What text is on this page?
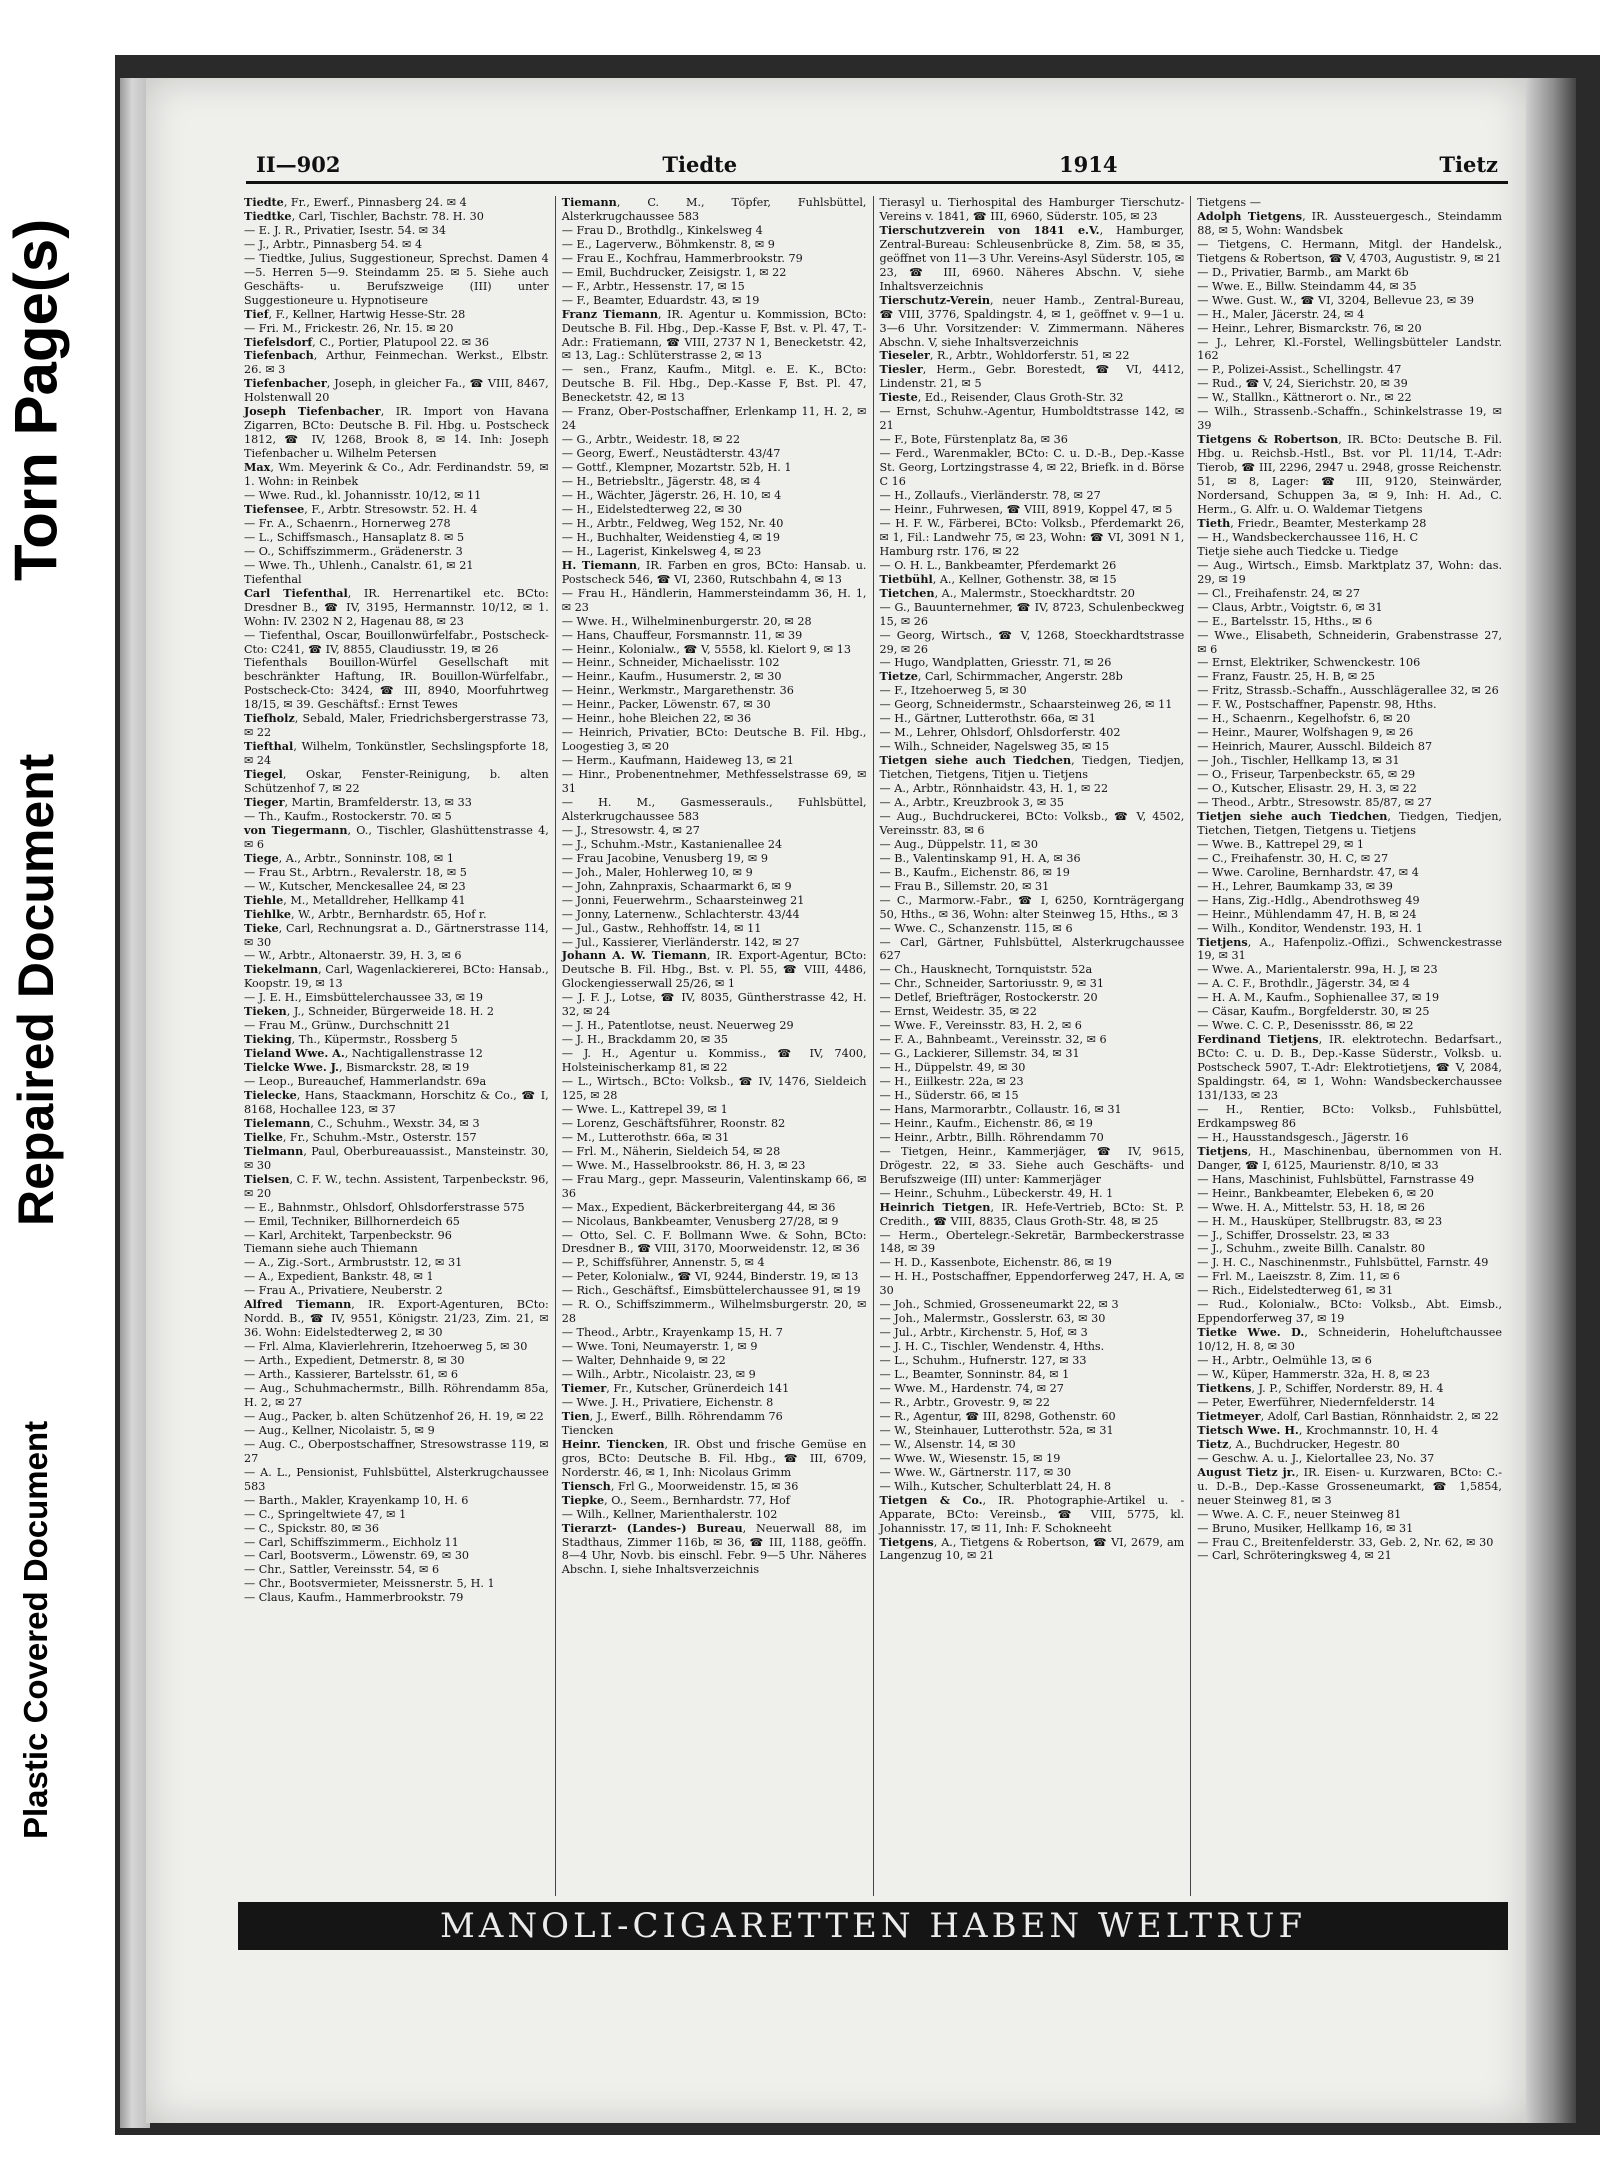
Torn Page(s)
Repaired Document
Plastic Covered Document
II—902	Tiedte	1914	Tietz

Tiedte, Fr., Ewerf., Pinnasberg 24. ✉ 4

Tiedtke, Carl, Tischler, Bachstr. 78. H. 30

— E. J. R., Privatier, Isestr. 54. ✉ 34

— J., Arbtr., Pinnasberg 54. ✉ 4

— Tiedtke, Julius, Suggestioneur, Sprechst. Damen 4—5. Herren 5—9. Steindamm 25. ✉ 5. Siehe auch Geschäfts- u. Berufszweige (III) unter Suggestioneure u. Hypnotiseure

Tief, F., Kellner, Hartwig Hesse-Str. 28

— Fri. M., Frickestr. 26, Nr. 15. ✉ 20

Tiefelsdorf, C., Portier, Platupool 22. ✉ 36

Tiefenbach, Arthur, Feinmechan. Werkst., Elbstr. 26. ✉ 3

Tiefenbacher, Joseph, in gleicher Fa., ☎ VIII, 8467, Holstenwall 20

Joseph Tiefenbacher, IR. Import von Havana Zigarren, BCto: Deutsche B. Fil. Hbg. u. Postscheck 1812, ☎ IV, 1268, Brook 8, ✉ 14. Inh: Joseph Tiefenbacher u. Wilhelm Petersen

Max, Wm. Meyerink & Co., Adr. Ferdinandstr. 59, ✉ 1. Wohn: in Reinbek

— Wwe. Rud., kl. Johannisstr. 10/12, ✉ 11

Tiefensee, F., Arbtr. Stresowstr. 52. H. 4

— Fr. A., Schaenrn., Hornerweg 278

— L., Schiffsmasch., Hansaplatz 8. ✉ 5

— O., Schiffszimmerm., Grädenerstr. 3

— Wwe. Th., Uhlenh., Canalstr. 61, ✉ 21

Tiefenthal

Carl Tiefenthal, IR. Herrenartikel etc. BCto: Dresdner B., ☎ IV, 3195, Hermannstr. 10/12, ✉ 1. Wohn: IV. 2302 N 2, Hagenau 88, ✉ 23

— Tiefenthal, Oscar, Bouillonwürfelfabr., Postscheck-Cto: C241, ☎ IV, 8855, Claudiusstr. 19, ✉ 26

Tiefenthals Bouillon-Würfel Gesellschaft mit beschränkter Haftung, IR. Bouillon-Würfelfabr., Postscheck-Cto: 3424, ☎ III, 8940, Moorfuhrtweg 18/15, ✉ 39. Geschäftsf.: Ernst Tewes

Tiefholz, Sebald, Maler, Friedrichsbergerstrasse 73, ✉ 22

Tiefthal, Wilhelm, Tonkünstler, Sechslingspforte 18, ✉ 24

Tiegel, Oskar, Fenster-Reinigung, b. alten Schützenhof 7, ✉ 22

Tieger, Martin, Bramfelderstr. 13, ✉ 33

— Th., Kaufm., Rostockerstr. 70. ✉ 5

von Tiegermann, O., Tischler, Glashüttenstrasse 4, ✉ 6

Tiege, A., Arbtr., Sonninstr. 108, ✉ 1

— Frau St., Arbtrn., Revalerstr. 18, ✉ 5

— W., Kutscher, Menckesallee 24, ✉ 23

Tiehle, M., Metalldreher, Hellkamp 41

Tiehlke, W., Arbtr., Bernhardstr. 65, Hof r.

Tieke, Carl, Rechnungsrat a. D., Gärtnerstrasse 114, ✉ 30

— W., Arbtr., Altonaerstr. 39, H. 3, ✉ 6

Tiekelmann, Carl, Wagenlackiererei, BCto: Hansab., Koopstr. 19, ✉ 13

— J. E. H., Eimsbüttelerchaussee 33, ✉ 19

Tieken, J., Schneider, Bürgerweide 18. H. 2

— Frau M., Grünw., Durchschnitt 21

Tieking, Th., Küpermstr., Rossberg 5

Tieland Wwe. A., Nachtigallenstrasse 12

Tielcke Wwe. J., Bismarckstr. 28, ✉ 19

— Leop., Bureauchef, Hammerlandstr. 69a

Tielecke, Hans, Staackmann, Horschitz & Co., ☎ I, 8168, Hochallee 123, ✉ 37

Tielemann, C., Schuhm., Wexstr. 34, ✉ 3

Tielke, Fr., Schuhm.-Mstr., Osterstr. 157

Tielmann, Paul, Oberbureauassist., Mansteinstr. 30, ✉ 30

Tielsen, C. F. W., techn. Assistent, Tarpenbeckstr. 96, ✉ 20

— E., Bahnmstr., Ohlsdorf, Ohlsdorferstrasse 575

— Emil, Techniker, Billhornerdeich 65

— Karl, Architekt, Tarpenbeckstr. 96

Tiemann siehe auch Thiemann

— A., Zig.-Sort., Armbruststr. 12, ✉ 31

— A., Expedient, Bankstr. 48, ✉ 1

— Frau A., Privatiere, Neuberstr. 2

Alfred Tiemann, IR. Export-Agenturen, BCto: Nordd. B., ☎ IV, 9551, Königstr. 21/23, Zim. 21, ✉ 36. Wohn: Eidelstedterweg 2, ✉ 30

— Frl. Alma, Klavierlehrerin, Itzehoerweg 5, ✉ 30

— Arth., Expedient, Detmerstr. 8, ✉ 30

— Arth., Kassierer, Bartelsstr. 61, ✉ 6

— Aug., Schuhmachermstr., Billh. Röhrendamm 85a, H. 2, ✉ 27

— Aug., Packer, b. alten Schützenhof 26, H. 19, ✉ 22

— Aug., Kellner, Nicolaistr. 5, ✉ 9

— Aug. C., Oberpostschaffner, Stresowstrasse 119, ✉ 27

— A. L., Pensionist, Fuhlsbüttel, Alsterkrugchaussee 583

— Barth., Makler, Krayenkamp 10, H. 6

— C., Springeltwiete 47, ✉ 1

— C., Spickstr. 80, ✉ 36

— Carl, Schiffszimmerm., Eichholz 11

— Carl, Bootsverm., Löwenstr. 69, ✉ 30

— Chr., Sattler, Vereinsstr. 54, ✉ 6

— Chr., Bootsvermieter, Meissnerstr. 5, H. 1

— Claus, Kaufm., Hammerbrookstr. 79

Tiemann, C. M., Töpfer, Fuhlsbüttel, Alsterkrugchaussee 583

— Frau D., Brothdlg., Kinkelsweg 4

— E., Lagerverw., Böhmkenstr. 8, ✉ 9

— Frau E., Kochfrau, Hammerbrookstr. 79

— Emil, Buchdrucker, Zeisigstr. 1, ✉ 22

— F., Arbtr., Hessenstr. 17, ✉ 15

— F., Beamter, Eduardstr. 43, ✉ 19

Franz Tiemann, IR. Agentur u. Kommission, BCto: Deutsche B. Fil. Hbg., Dep.-Kasse F, Bst. v. Pl. 47, T.-Adr.: Fratiemann, ☎ VIII, 2737 N 1, Benecketstr. 42, ✉ 13, Lag.: Schlüterstrasse 2, ✉ 13

— sen., Franz, Kaufm., Mitgl. e. E. K., BCto: Deutsche B. Fil. Hbg., Dep.-Kasse F, Bst. Pl. 47, Benecketstr. 42, ✉ 13

— Franz, Ober-Postschaffner, Erlenkamp 11, H. 2, ✉ 24

— G., Arbtr., Weidestr. 18, ✉ 22

— Georg, Ewerf., Neustädterstr. 43/47

— Gottf., Klempner, Mozartstr. 52b, H. 1

— H., Betriebsltr., Jägerstr. 48, ✉ 4

— H., Wächter, Jägerstr. 26, H. 10, ✉ 4

— H., Eidelstedterweg 22, ✉ 30

— H., Arbtr., Feldweg, Weg 152, Nr. 40

— H., Buchhalter, Weidenstieg 4, ✉ 19

— H., Lagerist, Kinkelsweg 4, ✉ 23

H. Tiemann, IR. Farben en gros, BCto: Hansab. u. Postscheck 546, ☎ VI, 2360, Rutschbahn 4, ✉ 13

— Frau H., Händlerin, Hammersteindamm 36, H. 1, ✉ 23

— Wwe. H., Wilhelminenburgerstr. 20, ✉ 28

— Hans, Chauffeur, Forsmannstr. 11, ✉ 39

— Heinr., Kolonialw., ☎ V, 5558, kl. Kielort 9, ✉ 13

— Heinr., Schneider, Michaelisstr. 102

— Heinr., Kaufm., Husumerstr. 2, ✉ 30

— Heinr., Werkmstr., Margarethenstr. 36

— Heinr., Packer, Löwenstr. 67, ✉ 30

— Heinr., hohe Bleichen 22, ✉ 36

— Heinrich, Privatier, BCto: Deutsche B. Fil. Hbg., Loogestieg 3, ✉ 20

— Herm., Kaufmann, Haideweg 13, ✉ 21

— Hinr., Probenentnehmer, Methfesselstrasse 69, ✉ 31

— H. M., Gasmesserauls., Fuhlsbüttel, Alsterkrugchaussee 583

— J., Stresowstr. 4, ✉ 27

— J., Schuhm.-Mstr., Kastanienallee 24

— Frau Jacobine, Venusberg 19, ✉ 9

— Joh., Maler, Hohlerweg 10, ✉ 9

— John, Zahnpraxis, Schaarmarkt 6, ✉ 9

— Jonni, Feuerwehrm., Schaarsteinweg 21

— Jonny, Laternenw., Schlachterstr. 43/44

— Jul., Gastw., Rehhoffstr. 14, ✉ 11

— Jul., Kassierer, Vierländerstr. 142, ✉ 27

Johann A. W. Tiemann, IR. Export-Agentur, BCto: Deutsche B. Fil. Hbg., Bst. v. Pl. 55, ☎ VIII, 4486, Glockengiesserwall 25/26, ✉ 1

— J. F. J., Lotse, ☎ IV, 8035, Güntherstrasse 42, H. 32, ✉ 24

— J. H., Patentlotse, neust. Neuerweg 29

— J. H., Brackdamm 20, ✉ 35

— J. H., Agentur u. Kommiss., ☎ IV, 7400, Holsteinischerkamp 81, ✉ 22

— L., Wirtsch., BCto: Volksb., ☎ IV, 1476, Sieldeich 125, ✉ 28

— Wwe. L., Kattrepel 39, ✉ 1

— Lorenz, Geschäftsführer, Roonstr. 82

— M., Lutterothstr. 66a, ✉ 31

— Frl. M., Näherin, Sieldeich 54, ✉ 28

— Wwe. M., Hasselbrookstr. 86, H. 3, ✉ 23

— Frau Marg., gepr. Masseurin, Valentinskamp 66, ✉ 36

— Max., Expedient, Bäckerbreitergang 44, ✉ 36

— Nicolaus, Bankbeamter, Venusberg 27/28, ✉ 9

— Otto, Sel. C. F. Bollmann Wwe. & Sohn, BCto: Dresdner B., ☎ VIII, 3170, Moorweidenstr. 12, ✉ 36

— P., Schiffsführer, Annenstr. 5, ✉ 4

— Peter, Kolonialw., ☎ VI, 9244, Binderstr. 19, ✉ 13

— Rich., Geschäftsf., Eimsbüttelerchaussee 91, ✉ 19

— R. O., Schiffszimmerm., Wilhelmsburgerstr. 20, ✉ 28

— Theod., Arbtr., Krayenkamp 15, H. 7

— Wwe. Toni, Neumayerstr. 1, ✉ 9

— Walter, Dehnhaide 9, ✉ 22

— Wilh., Arbtr., Nicolaistr. 23, ✉ 9

Tiemer, Fr., Kutscher, Grünerdeich 141

— Wwe. J. H., Privatiere, Eichenstr. 8

Tien, J., Ewerf., Billh. Röhrendamm 76

Tiencken

Heinr. Tiencken, IR. Obst und frische Gemüse en gros, BCto: Deutsche B. Fil. Hbg., ☎ III, 6709, Norderstr. 46, ✉ 1, Inh: Nicolaus Grimm

Tiensch, Frl G., Moorweidenstr. 15, ✉ 36

Tiepke, O., Seem., Bernhardstr. 77, Hof

— Wilh., Kellner, Marienthalerstr. 102

Tierarzt- (Landes-) Bureau, Neuerwall 88, im Stadthaus, Zimmer 116b, ✉ 36, ☎ III, 1188, geöffn. 8—4 Uhr, Novb. bis einschl. Febr. 9—5 Uhr. Näheres Abschn. I, siehe Inhaltsverzeichnis

Tierasyl u. Tierhospital des Hamburger Tierschutz-Vereins v. 1841, ☎ III, 6960, Süderstr. 105, ✉ 23

Tierschutzverein von 1841 e.V., Hamburger, Zentral-Bureau: Schleusenbrücke 8, Zim. 58, ✉ 35, geöffnet von 11—3 Uhr. Vereins-Asyl Süderstr. 105, ✉ 23, ☎ III, 6960. Näheres Abschn. V, siehe Inhaltsverzeichnis

Tierschutz-Verein, neuer Hamb., Zentral-Bureau, ☎ VIII, 3776, Spaldingstr. 4, ✉ 1, geöffnet v. 9—1 u. 3—6 Uhr. Vorsitzender: V. Zimmermann. Näheres Abschn. V, siehe Inhaltsverzeichnis

Tieseler, R., Arbtr., Wohldorferstr. 51, ✉ 22

Tiesler, Herm., Gebr. Borestedt, ☎ VI, 4412, Lindenstr. 21, ✉ 5

Tieste, Ed., Reisender, Claus Groth-Str. 32

— Ernst, Schuhw.-Agentur, Humboldtstrasse 142, ✉ 21

— F., Bote, Fürstenplatz 8a, ✉ 36

— Ferd., Warenmakler, BCto: C. u. D.-B., Dep.-Kasse St. Georg, Lortzingstrasse 4, ✉ 22, Briefk. in d. Börse C 16

— H., Zollaufs., Vierländerstr. 78, ✉ 27

— Heinr., Fuhrwesen, ☎ VIII, 8919, Koppel 47, ✉ 5

— H. F. W., Färberei, BCto: Volksb., Pferdemarkt 26, ✉ 1, Fil.: Landwehr 75, ✉ 23, Wohn: ☎ VI, 3091 N 1, Hamburg rstr. 176, ✉ 22

— O. H. L., Bankbeamter, Pferdemarkt 26

Tietbühl, A., Kellner, Gothenstr. 38, ✉ 15

Tietchen, A., Malermstr., Stoeckhardtstr. 20

— G., Bauunternehmer, ☎ IV, 8723, Schulenbeckweg 15, ✉ 26

— Georg, Wirtsch., ☎ V, 1268, Stoeckhardtstrasse 29, ✉ 26

— Hugo, Wandplatten, Griesstr. 71, ✉ 26

Tietze, Carl, Schirmmacher, Angerstr. 28b

— F., Itzehoerweg 5, ✉ 30

— Georg, Schneidermstr., Schaarsteinweg 26, ✉ 11

— H., Gärtner, Lutterothstr. 66a, ✉ 31

— M., Lehrer, Ohlsdorf, Ohlsdorferstr. 402

— Wilh., Schneider, Nagelsweg 35, ✉ 15

Tietgen siehe auch Tiedchen, Tiedgen, Tiedjen, Tietchen, Tietgens, Titjen u. Tietjens

— A., Arbtr., Rönnhaidstr. 43, H. 1, ✉ 22

— A., Arbtr., Kreuzbrook 3, ✉ 35

— Aug., Buchdruckerei, BCto: Volksb., ☎ V, 4502, Vereinsstr. 83, ✉ 6

— Aug., Düppelstr. 11, ✉ 30

— B., Valentinskamp 91, H. A, ✉ 36

— B., Kaufm., Eichenstr. 86, ✉ 19

— Frau B., Sillemstr. 20, ✉ 31

— C., Marmorw.-Fabr., ☎ I, 6250, Kornträgergang 50, Hths., ✉ 36, Wohn: alter Steinweg 15, Hths., ✉ 3

— Wwe. C., Schanzenstr. 115, ✉ 6

— Carl, Gärtner, Fuhlsbüttel, Alsterkrugchaussee 627

— Ch., Hausknecht, Tornquiststr. 52a

— Chr., Schneider, Sartoriusstr. 9, ✉ 31

— Detlef, Briefträger, Rostockerstr. 20

— Ernst, Weidestr. 35, ✉ 22

— Wwe. F., Vereinsstr. 83, H. 2, ✉ 6

— F. A., Bahnbeamt., Vereinsstr. 32, ✉ 6

— G., Lackierer, Sillemstr. 34, ✉ 31

— H., Düppelstr. 49, ✉ 30

— H., Eiilkestr. 22a, ✉ 23

— H., Süderstr. 66, ✉ 15

— Hans, Marmorarbtr., Collaustr. 16, ✉ 31

— Heinr., Kaufm., Eichenstr. 86, ✉ 19

— Heinr., Arbtr., Billh. Röhrendamm 70

— Tietgen, Heinr., Kammerjäger, ☎ IV, 9615, Drögestr. 22, ✉ 33. Siehe auch Geschäfts- und Berufszweige (III) unter: Kammerjäger

— Heinr., Schuhm., Lübeckerstr. 49, H. 1

Heinrich Tietgen, IR. Hefe-Vertrieb, BCto: St. P. Credith., ☎ VIII, 8835, Claus Groth-Str. 48, ✉ 25

— Herm., Obertelegr.-Sekretär, Barmbeckerstrasse 148, ✉ 39

— H. D., Kassenbote, Eichenstr. 86, ✉ 19

— H. H., Postschaffner, Eppendorferweg 247, H. A, ✉ 30

— Joh., Schmied, Grosseneumarkt 22, ✉ 3

— Joh., Malermstr., Gosslerstr. 63, ✉ 30

— Jul., Arbtr., Kirchenstr. 5, Hof, ✉ 3

— J. H. C., Tischler, Wendenstr. 4, Hths.

— L., Schuhm., Hufnerstr. 127, ✉ 33

— L., Beamter, Sonninstr. 84, ✉ 1

— Wwe. M., Hardenstr. 74, ✉ 27

— R., Arbtr., Grovestr. 9, ✉ 22

— R., Agentur, ☎ III, 8298, Gothenstr. 60

— W., Steinhauer, Lutterothstr. 52a, ✉ 31

— W., Alsenstr. 14, ✉ 30

— Wwe. W., Wiesenstr. 15, ✉ 19

— Wwe. W., Gärtnerstr. 117, ✉ 30

— Wilh., Kutscher, Schulterblatt 24, H. 8

Tietgen & Co., IR. Photographie-Artikel u. -Apparate, BCto: Vereinsb., ☎ VIII, 5775, kl. Johannisstr. 17, ✉ 11, Inh: F. Schokneeht

Tietgens, A., Tietgens & Robertson, ☎ VI, 2679, am Langenzug 10, ✉ 21

Tietgens —

Adolph Tietgens, IR. Aussteuergesch., Steindamm 88, ✉ 5, Wohn: Wandsbek

— Tietgens, C. Hermann, Mitgl. der Handelsk., Tietgens & Robertson, ☎ V, 4703, Augustistr. 9, ✉ 21

— D., Privatier, Barmb., am Markt 6b

— Wwe. E., Billw. Steindamm 44, ✉ 35

— Wwe. Gust. W., ☎ VI, 3204, Bellevue 23, ✉ 39

— H., Maler, Jäcerstr. 24, ✉ 4

— Heinr., Lehrer, Bismarckstr. 76, ✉ 20

— J., Lehrer, Kl.-Forstel, Wellingsbütteler Landstr. 162

— P., Polizei-Assist., Schellingstr. 47

— Rud., ☎ V, 24, Sierichstr. 20, ✉ 39

— W., Stallkn., Kättnerort o. Nr., ✉ 22

— Wilh., Strassenb.-Schaffn., Schinkelstrasse 19, ✉ 39

Tietgens & Robertson, IR. BCto: Deutsche B. Fil. Hbg. u. Reichsb.-Hstl., Bst. vor Pl. 11/14, T.-Adr: Tierob, ☎ III, 2296, 2947 u. 2948, grosse Reichenstr. 51, ✉ 8, Lager: ☎ III, 9120, Steinwärder, Nordersand, Schuppen 3a, ✉ 9, Inh: H. Ad., C. Herm., G. Alfr. u. O. Waldemar Tietgens

Tieth, Friedr., Beamter, Mesterkamp 28

— H., Wandsbeckerchaussee 116, H. C

Tietje siehe auch Tiedcke u. Tiedge

— Aug., Wirtsch., Eimsb. Marktplatz 37, Wohn: das. 29, ✉ 19

— Cl., Freihafenstr. 24, ✉ 27

— Claus, Arbtr., Voigtstr. 6, ✉ 31

— E., Bartelsstr. 15, Hths., ✉ 6

— Wwe., Elisabeth, Schneiderin, Grabenstrasse 27, ✉ 6

— Ernst, Elektriker, Schwenckestr. 106

— Franz, Faustr. 25, H. B, ✉ 25

— Fritz, Strassb.-Schaffn., Ausschlägerallee 32, ✉ 26

— F. W., Postschaffner, Papenstr. 98, Hths.

— H., Schaenrn., Kegelhofstr. 6, ✉ 20

— Heinr., Maurer, Wolfshagen 9, ✉ 26

— Heinrich, Maurer, Ausschl. Bildeich 87

— Joh., Tischler, Hellkamp 13, ✉ 31

— O., Friseur, Tarpenbeckstr. 65, ✉ 29

— O., Kutscher, Elisastr. 29, H. 3, ✉ 22

— Theod., Arbtr., Stresowstr. 85/87, ✉ 27

Tietjen siehe auch Tiedchen, Tiedgen, Tiedjen, Tietchen, Tietgen, Tietgens u. Tietjens

— Wwe. B., Kattrepel 29, ✉ 1

— C., Freihafenstr. 30, H. C, ✉ 27

— Wwe. Caroline, Bernhardstr. 47, ✉ 4

— H., Lehrer, Baumkamp 33, ✉ 39

— Hans, Zig.-Hdlg., Abendrothsweg 49

— Heinr., Mühlendamm 47, H. B, ✉ 24

— Wilh., Konditor, Wendenstr. 193, H. 1

Tietjens, A., Hafenpoliz.-Offizi., Schwenckestrasse 19, ✉ 31

— Wwe. A., Marientalerstr. 99a, H. J, ✉ 23

— A. C. F., Brothdlr., Jägerstr. 34, ✉ 4

— H. A. M., Kaufm., Sophienallee 37, ✉ 19

— Cäsar, Kaufm., Borgfelderstr. 30, ✉ 25

— Wwe. C. C. P., Desenissstr. 86, ✉ 22

Ferdinand Tietjens, IR. elektrotechn. Bedarfsart., BCto: C. u. D. B., Dep.-Kasse Süderstr., Volksb. u. Postscheck 5907, T.-Adr: Elektrotietjens, ☎ V, 2084, Spaldingstr. 64, ✉ 1, Wohn: Wandsbeckerchaussee 131/133, ✉ 23

— H., Rentier, BCto: Volksb., Fuhlsbüttel, Erdkampsweg 86

— H., Hausstandsgesch., Jägerstr. 16

Tietjens, H., Maschinenbau, übernommen von H. Danger, ☎ I, 6125, Maurienstr. 8/10, ✉ 33

— Hans, Maschinist, Fuhlsbüttel, Farnstrasse 49

— Heinr., Bankbeamter, Elebeken 6, ✉ 20

— Wwe. H. A., Mittelstr. 53, H. 18, ✉ 26

— H. M., Hausküper, Stellbrugstr. 83, ✉ 23

— J., Schiffer, Drosselstr. 23, ✉ 33

— J., Schuhm., zweite Billh. Canalstr. 80

— J. H. C., Naschinenmstr., Fuhlsbüttel, Farnstr. 49

— Frl. M., Laeiszstr. 8, Zim. 11, ✉ 6

— Rich., Eidelstedterweg 61, ✉ 31

— Rud., Kolonialw., BCto: Volksb., Abt. Eimsb., Eppendorferweg 37, ✉ 19

Tietke Wwe. D., Schneiderin, Hoheluftchaussee 10/12, H. 8, ✉ 30

— H., Arbtr., Oelmühle 13, ✉ 6

— W., Küper, Hammerstr. 32a, H. 8, ✉ 23

Tietkens, J. P., Schiffer, Norderstr. 89, H. 4

— Peter, Ewerführer, Niedernfelderstr. 14

Tietmeyer, Adolf, Carl Bastian, Rönnhaidstr. 2, ✉ 22

Tietsch Wwe. H., Krochmannstr. 10, H. 4

Tietz, A., Buchdrucker, Hegestr. 80

— Geschw. A. u. J., Kielortallee 23, No. 37

August Tietz jr., IR. Eisen- u. Kurzwaren, BCto: C.- u. D.-B., Dep.-Kasse Grosseneumarkt, ☎ 1,5854, neuer Steinweg 81, ✉ 3

— Wwe. A. C. F., neuer Steinweg 81

— Bruno, Musiker, Hellkamp 16, ✉ 31

— Frau C., Breitenfelderstr. 33, Geb. 2, Nr. 62, ✉ 30

— Carl, Schröteringksweg 4, ✉ 21

MANOLI-CIGARETTEN HABEN WELTRUF
